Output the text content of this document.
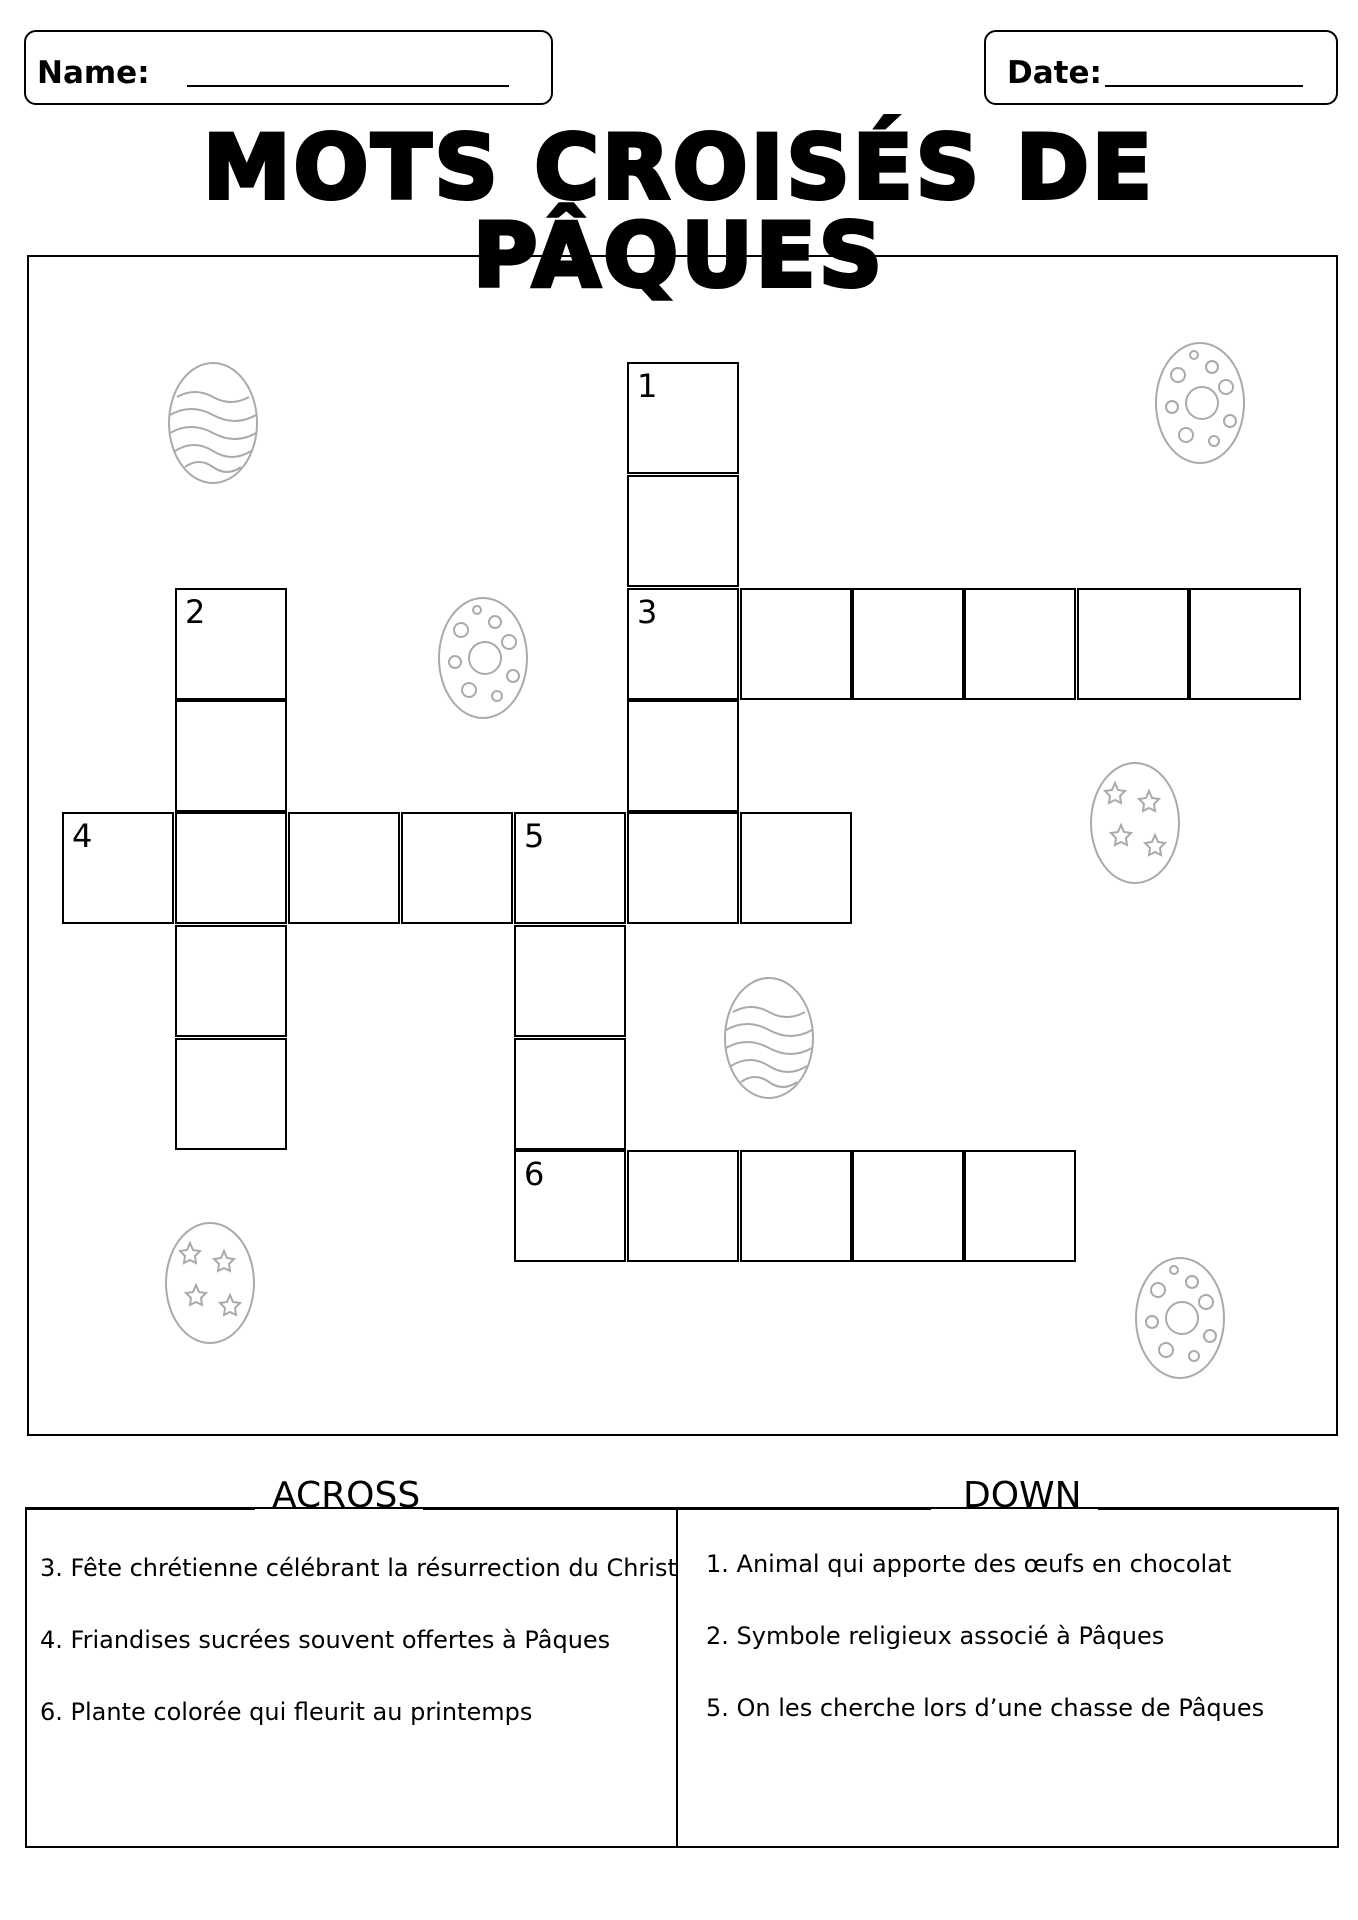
Name:	Date:
MOTS CROISÉS DE PÂQUES
1
3
2
4	5
6
ACROSS	DOWN
3. Fête chrétienne célébrant la résurrection du Christ
4. Friandises sucrées souvent offertes à Pâques
6. Plante colorée qui fleurit au printemps
1. Animal qui apporte des œufs en chocolat
2. Symbole religieux associé à Pâques
5. On les cherche lors d’une chasse de Pâques
